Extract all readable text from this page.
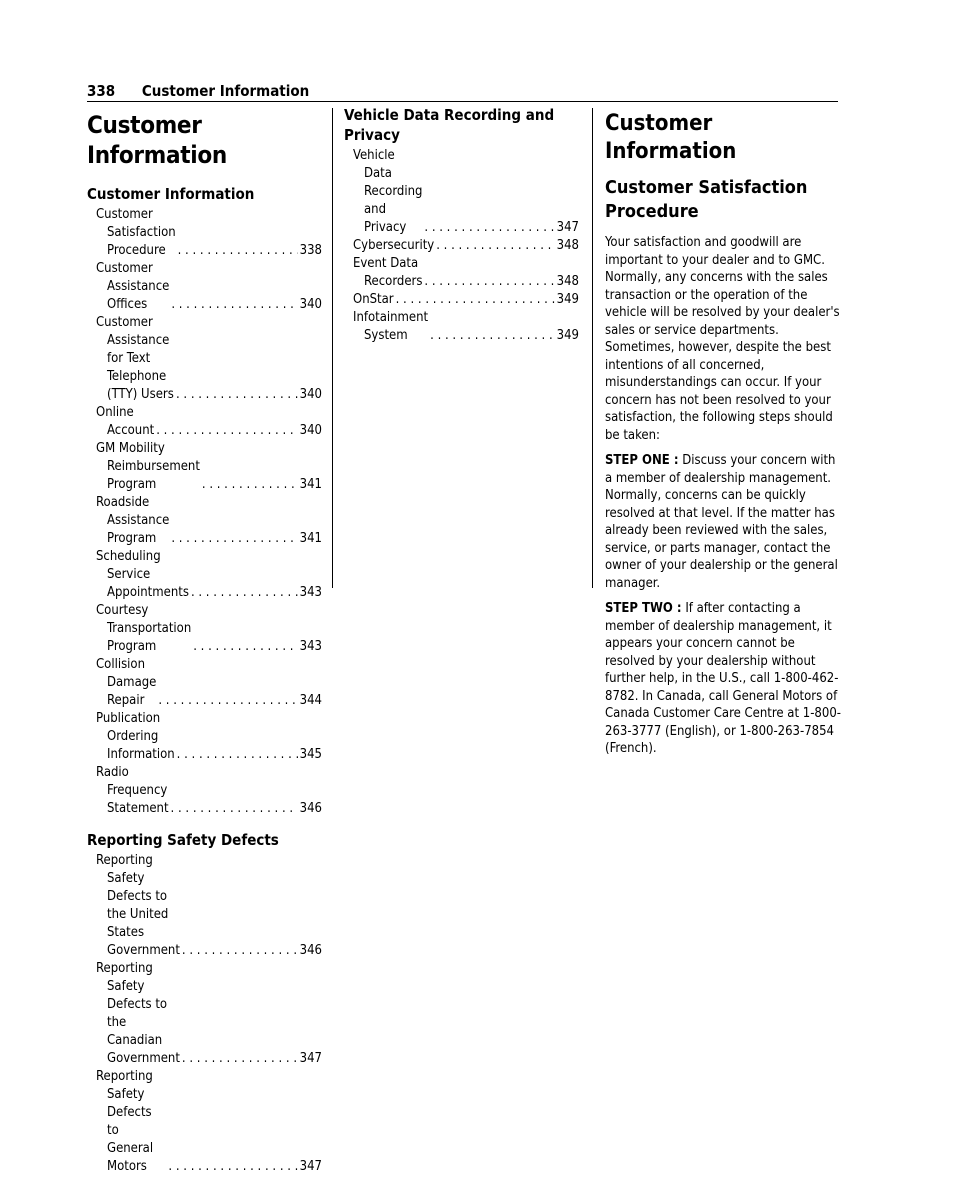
338 Customer Information
Customer Information
Customer Information
Customer Satisfaction Procedure . . .	338
Customer Assistance Offices . . .	340
Customer Assistance for Text Telephone (TTY) Users . . .	340
Online Account . . .	340
GM Mobility Reimbursement Program . . .	341
Roadside Assistance Program . . .	341
Scheduling Service Appointments . . .	343
Courtesy Transportation Program . . .	343
Collision Damage Repair . . .	344
Publication Ordering Information . . .	345
Radio Frequency Statement . . .	346
Reporting Safety Defects
Reporting Safety Defects to the United States Government . . .	346
Reporting Safety Defects to the Canadian Government . . .	347
Reporting Safety Defects to General Motors . . .	347
Vehicle Data Recording and Privacy
Vehicle Data Recording and Privacy . . .	347
Cybersecurity . . .	348
Event Data Recorders . . .	348
OnStar . . .	349
Infotainment System . . .	349
Customer Information
Customer Satisfaction Procedure

Your satisfaction and goodwill are important to your dealer and to GMC. Normally, any concerns with the sales transaction or the operation of the vehicle will be resolved by your dealer's sales or service departments. Sometimes, however, despite the best intentions of all concerned, misunderstandings can occur. If your concern has not been resolved to your satisfaction, the following steps should be taken:

STEP ONE : Discuss your concern with a member of dealership management. Normally, concerns can be quickly resolved at that level. If the matter has already been reviewed with the sales, service, or parts manager, contact the owner of your dealership or the general manager.

STEP TWO : If after contacting a member of dealership management, it appears your concern cannot be resolved by your dealership without further help, in the U.S., call 1-800-462-8782. In Canada, call General Motors of Canada Customer Care Centre at 1-800-263-3777 (English), or 1-800-263-7854 (French).
